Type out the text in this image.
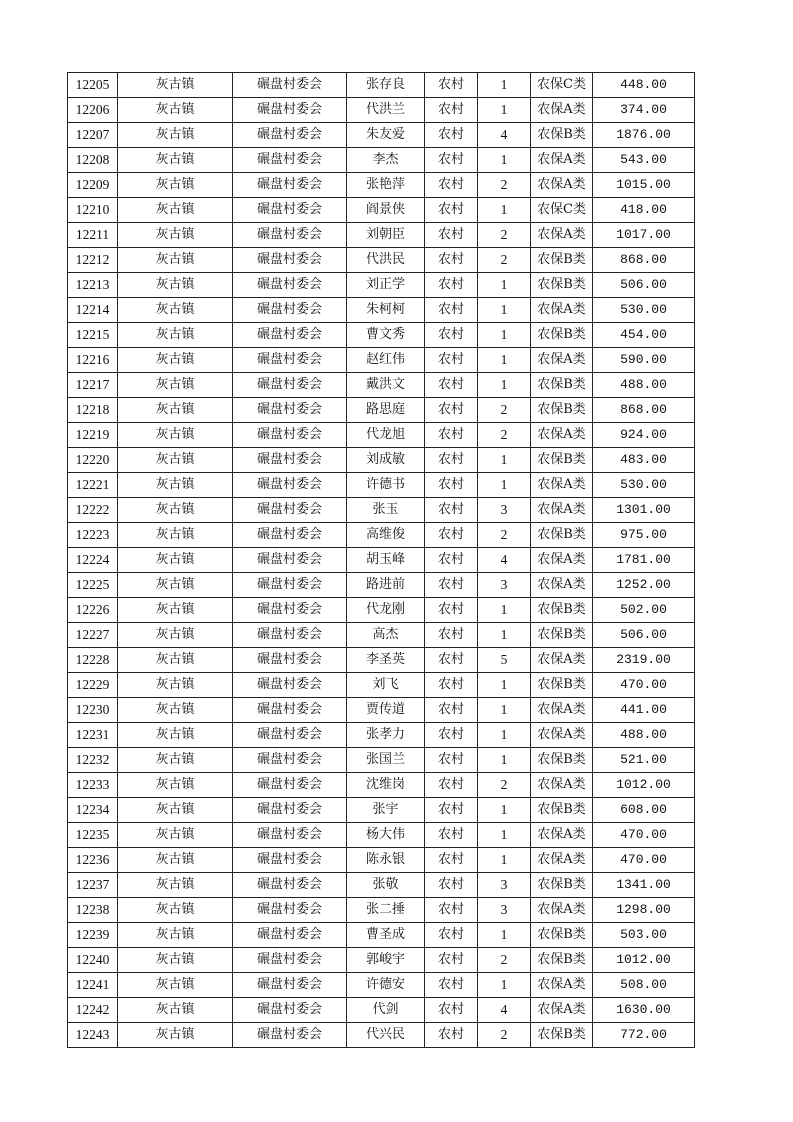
12205	灰古镇	碾盘村委会	张存良	农村	1	农保C类	448.00
12206	灰古镇	碾盘村委会	代洪兰	农村	1	农保A类	374.00
12207	灰古镇	碾盘村委会	朱友爱	农村	4	农保B类	1876.00
12208	灰古镇	碾盘村委会	李杰	农村	1	农保A类	543.00
12209	灰古镇	碾盘村委会	张艳萍	农村	2	农保A类	1015.00
12210	灰古镇	碾盘村委会	阎景侠	农村	1	农保C类	418.00
12211	灰古镇	碾盘村委会	刘朝臣	农村	2	农保A类	1017.00
12212	灰古镇	碾盘村委会	代洪民	农村	2	农保B类	868.00
12213	灰古镇	碾盘村委会	刘正学	农村	1	农保B类	506.00
12214	灰古镇	碾盘村委会	朱柯柯	农村	1	农保A类	530.00
12215	灰古镇	碾盘村委会	曹文秀	农村	1	农保B类	454.00
12216	灰古镇	碾盘村委会	赵红伟	农村	1	农保A类	590.00
12217	灰古镇	碾盘村委会	戴洪文	农村	1	农保B类	488.00
12218	灰古镇	碾盘村委会	路思庭	农村	2	农保B类	868.00
12219	灰古镇	碾盘村委会	代龙旭	农村	2	农保A类	924.00
12220	灰古镇	碾盘村委会	刘成敏	农村	1	农保B类	483.00
12221	灰古镇	碾盘村委会	许德书	农村	1	农保A类	530.00
12222	灰古镇	碾盘村委会	张玉	农村	3	农保A类	1301.00
12223	灰古镇	碾盘村委会	高维俊	农村	2	农保B类	975.00
12224	灰古镇	碾盘村委会	胡玉峰	农村	4	农保A类	1781.00
12225	灰古镇	碾盘村委会	路进前	农村	3	农保A类	1252.00
12226	灰古镇	碾盘村委会	代龙刚	农村	1	农保B类	502.00
12227	灰古镇	碾盘村委会	高杰	农村	1	农保B类	506.00
12228	灰古镇	碾盘村委会	李圣英	农村	5	农保A类	2319.00
12229	灰古镇	碾盘村委会	刘飞	农村	1	农保B类	470.00
12230	灰古镇	碾盘村委会	贾传道	农村	1	农保A类	441.00
12231	灰古镇	碾盘村委会	张孝力	农村	1	农保A类	488.00
12232	灰古镇	碾盘村委会	张国兰	农村	1	农保B类	521.00
12233	灰古镇	碾盘村委会	沈维岗	农村	2	农保A类	1012.00
12234	灰古镇	碾盘村委会	张宇	农村	1	农保B类	608.00
12235	灰古镇	碾盘村委会	杨大伟	农村	1	农保A类	470.00
12236	灰古镇	碾盘村委会	陈永银	农村	1	农保A类	470.00
12237	灰古镇	碾盘村委会	张敬	农村	3	农保B类	1341.00
12238	灰古镇	碾盘村委会	张二捶	农村	3	农保A类	1298.00
12239	灰古镇	碾盘村委会	曹圣成	农村	1	农保B类	503.00
12240	灰古镇	碾盘村委会	郭峻宇	农村	2	农保B类	1012.00
12241	灰古镇	碾盘村委会	许德安	农村	1	农保A类	508.00
12242	灰古镇	碾盘村委会	代剑	农村	4	农保A类	1630.00
12243	灰古镇	碾盘村委会	代兴民	农村	2	农保B类	772.00
